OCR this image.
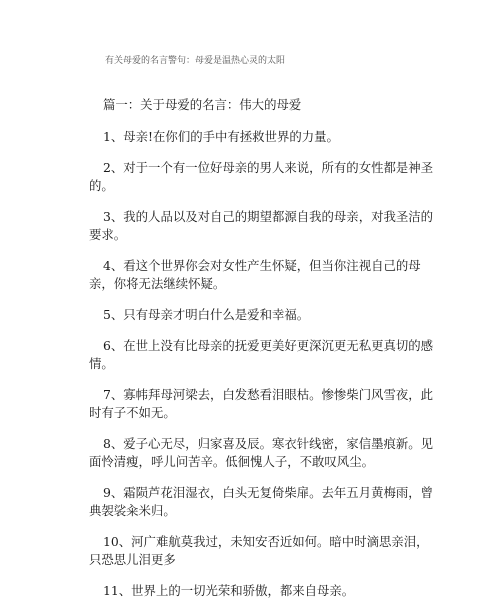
有关母爱的名言警句：母爱是温热心灵的太阳

篇一：关于母爱的名言：伟大的母爱

1、母亲!在你们的手中有拯救世界的力量。

2、对于一个有一位好母亲的男人来说，所有的女性都是神圣的。

3、我的人品以及对自己的期望都源自我的母亲，对我圣洁的要求。

4、看这个世界你会对女性产生怀疑，但当你注视自己的母亲，你将无法继续怀疑。

5、只有母亲才明白什么是爱和幸福。

6、在世上没有比母亲的抚爱更美好更深沉更无私更真切的感情。

7、寡帏拜母河梁去，白发愁看泪眼枯。惨惨柴门风雪夜，此时有子不如无。

8、爱子心无尽，归家喜及辰。寒衣针线密，家信墨痕新。见面怜清瘦，呼儿问苦辛。低徊愧人子，不敢叹风尘。

9、霜陨芦花泪湿衣，白头无复倚柴扉。去年五月黄梅雨，曾典袈裟籴米归。

10、河广难航莫我过，未知安否近如何。暗中时滴思亲泪，只恐思儿泪更多

11、世界上的一切光荣和骄傲，都来自母亲。
